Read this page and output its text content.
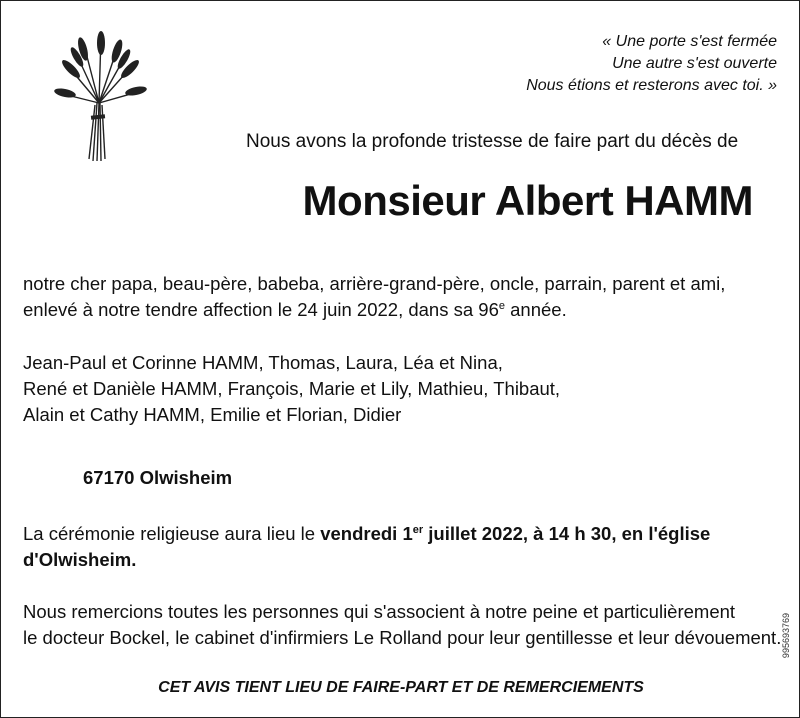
« Une porte s'est fermée
Une autre s'est ouverte
Nous étions et resterons avec toi. »
Nous avons la profonde tristesse de faire part du décès de
Monsieur Albert HAMM
notre cher papa, beau-père, babeba, arrière-grand-père, oncle, parrain, parent et ami,
enlevé à notre tendre affection le 24 juin 2022, dans sa 96e année.
Jean-Paul et Corinne HAMM, Thomas, Laura, Léa et Nina,
René et Danièle HAMM, François, Marie et Lily, Mathieu, Thibaut,
Alain et Cathy HAMM, Emilie et Florian, Didier
67170 Olwisheim
La cérémonie religieuse aura lieu le vendredi 1er juillet 2022, à 14 h 30, en l'église
d'Olwisheim.
Nous remercions toutes les personnes qui s'associent à notre peine et particulièrement
le docteur Bockel, le cabinet d'infirmiers Le Rolland pour leur gentillesse et leur dévouement.
CET AVIS TIENT LIEU DE FAIRE-PART ET DE REMERCIEMENTS
995693769
